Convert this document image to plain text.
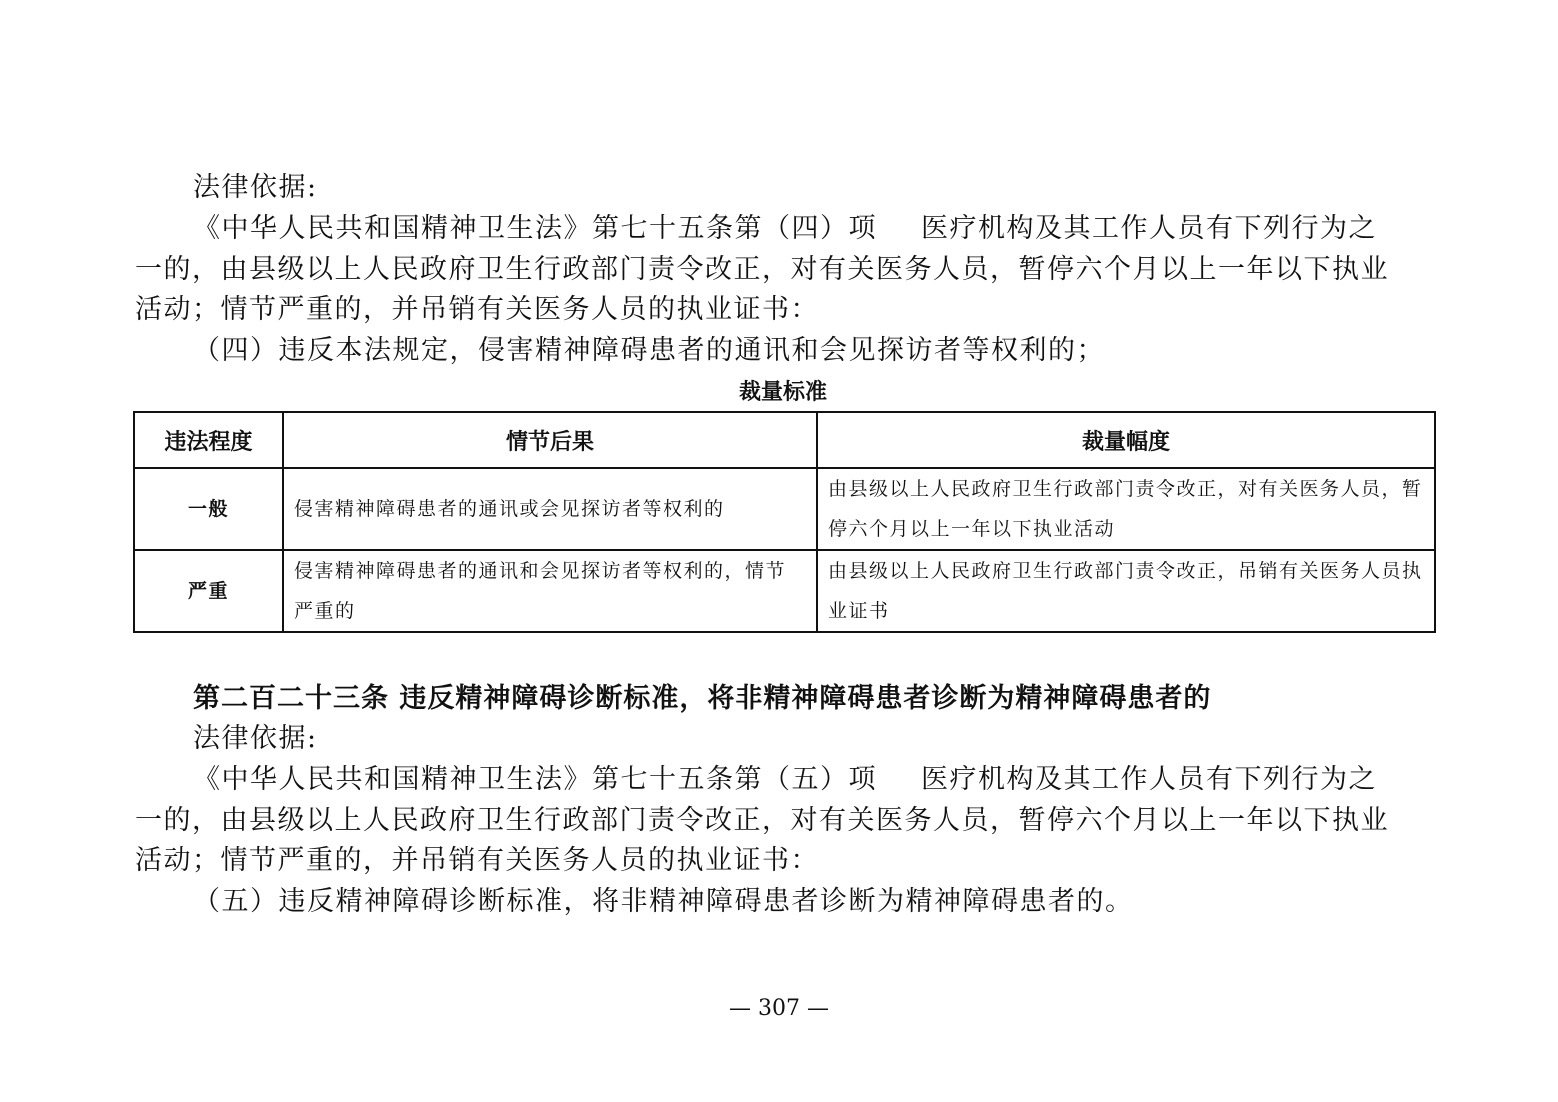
法律依据:

《中华人民共和国精神卫生法》第七十五条第（四）项 医疗机构及其工作人员有下列行为之

一的，由县级以上人民政府卫生行政部门责令改正，对有关医务人员，暂停六个月以上一年以下执业

活动；情节严重的，并吊销有关医务人员的执业证书：

（四）违反本法规定，侵害精神障碍患者的通讯和会见探访者等权利的；

裁量标准
违法程度	情节后果	裁量幅度
一般	侵害精神障碍患者的通讯或会见探访者等权利的	由县级以上人民政府卫生行政部门责令改正，对有关医务人员，暂停六个月以上一年以下执业活动
严重	侵害精神障碍患者的通讯和会见探访者等权利的，情节严重的	由县级以上人民政府卫生行政部门责令改正，吊销有关医务人员执业证书

第二百二十三条 违反精神障碍诊断标准，将非精神障碍患者诊断为精神障碍患者的

法律依据:

《中华人民共和国精神卫生法》第七十五条第（五）项 医疗机构及其工作人员有下列行为之

一的，由县级以上人民政府卫生行政部门责令改正，对有关医务人员，暂停六个月以上一年以下执业

活动；情节严重的，并吊销有关医务人员的执业证书：

（五）违反精神障碍诊断标准，将非精神障碍患者诊断为精神障碍患者的。

— 307 —
